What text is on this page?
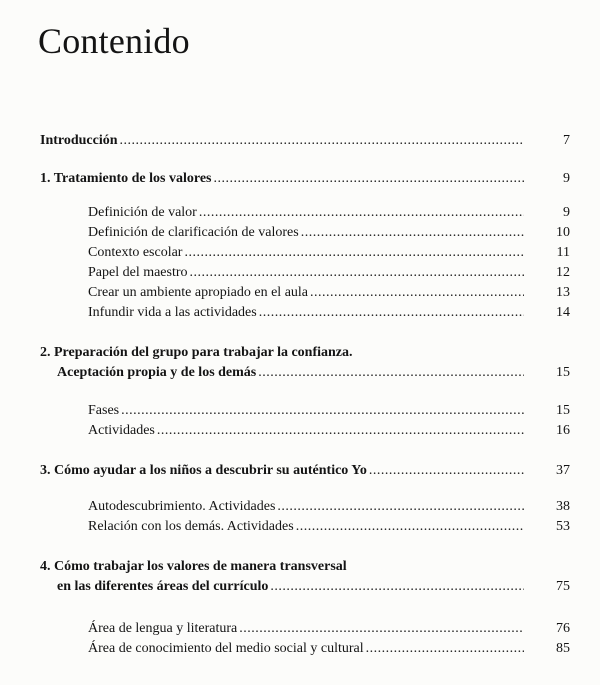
Contenido
Introducción .....	7
1. Tratamiento de los valores .....	9
Definición de valor .....	9
Definición de clarificación de valores .....	10
Contexto escolar .....	11
Papel del maestro .....	12
Crear un ambiente apropiado en el aula .....	13
Infundir vida a las actividades .....	14
2. Preparación del grupo para trabajar la confianza.
Aceptación propia y de los demás .....	15
Fases .....	15
Actividades .....	16
3. Cómo ayudar a los niños a descubrir su auténtico Yo .....	37
Autodescubrimiento. Actividades .....	38
Relación con los demás. Actividades .....	53
4. Cómo trabajar los valores de manera transversal
en las diferentes áreas del currículo .....	75
Área de lengua y literatura .....	76
Área de conocimiento del medio social y cultural .....	85
